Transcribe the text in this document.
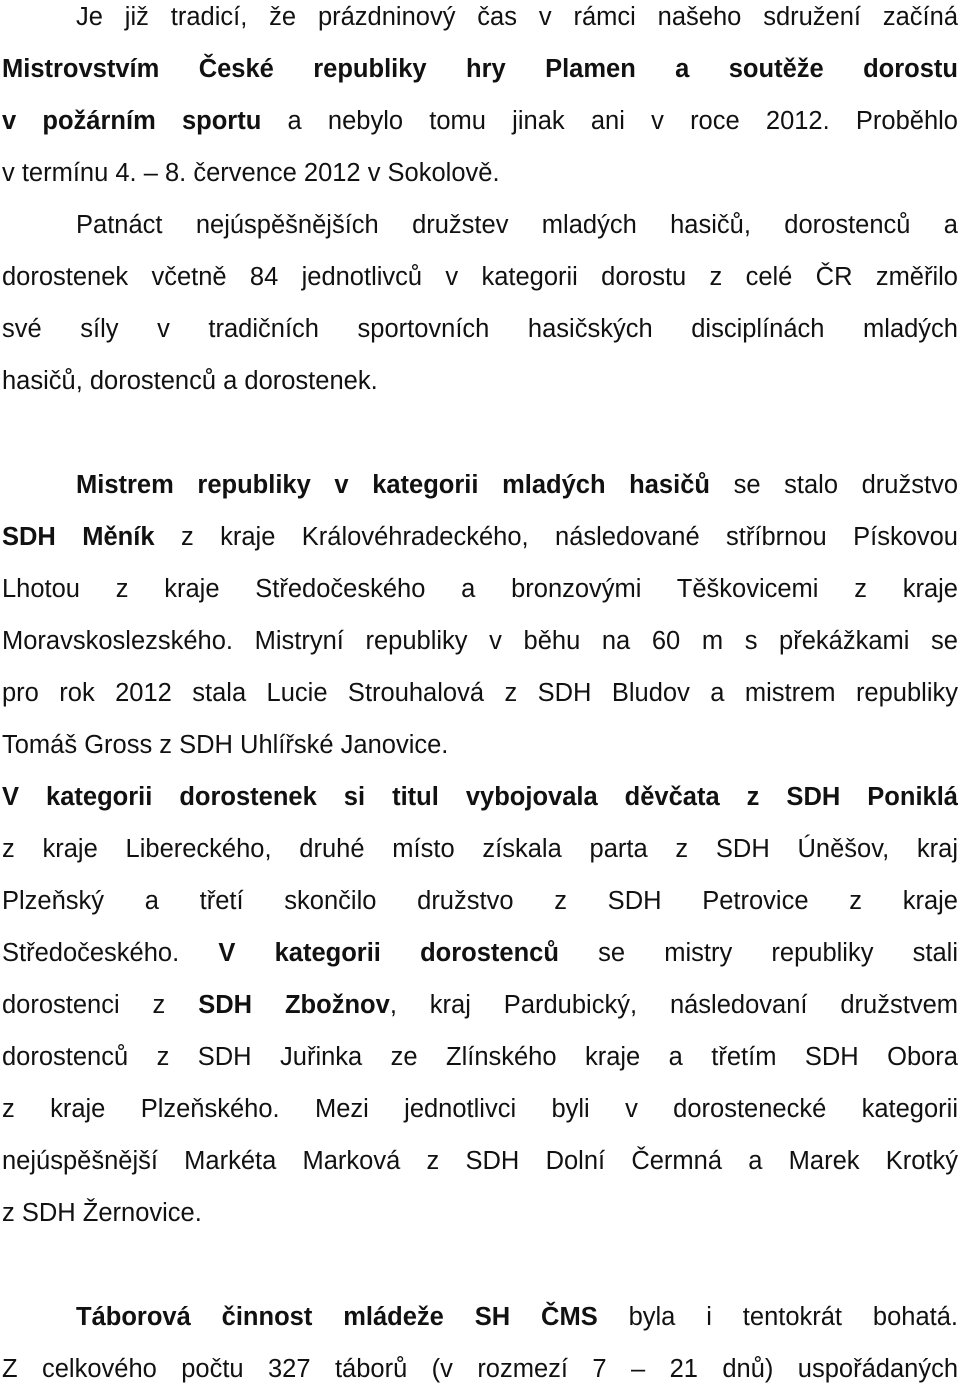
Je již tradicí, že prázdninový čas v rámci našeho sdružení začíná
Mistrovstvím České republiky hry Plamen a soutěže dorostu
v požárním sportu a nebylo tomu jinak ani v roce 2012. Proběhlo
v termínu 4. – 8. července 2012 v Sokolově.
Patnáct nejúspěšnějších družstev mladých hasičů, dorostenců a
dorostenek včetně 84 jednotlivců v kategorii dorostu z celé ČR změřilo
své síly v tradičních sportovních hasičských disciplínách mladých
hasičů, dorostenců a dorostenek.
Mistrem republiky v kategorii mladých hasičů se stalo družstvo
SDH Měník z kraje Královéhradeckého, následované stříbrnou Pískovou
Lhotou z kraje Středočeského a bronzovými Těškovicemi z kraje
Moravskoslezského. Mistryní republiky v běhu na 60 m s překážkami se
pro rok 2012 stala Lucie Strouhalová z SDH Bludov a mistrem republiky
Tomáš Gross z SDH Uhlířské Janovice.
V kategorii dorostenek si titul vybojovala děvčata z SDH Poniklá
z kraje Libereckého, druhé místo získala parta z SDH Úněšov, kraj
Plzeňský a třetí skončilo družstvo z SDH Petrovice z kraje
Středočeského. V kategorii dorostenců se mistry republiky stali
dorostenci z SDH Zbožnov, kraj Pardubický, následovaní družstvem
dorostenců z SDH Juřinka ze Zlínského kraje a třetím SDH Obora
z kraje Plzeňského. Mezi jednotlivci byli v dorostenecké kategorii
nejúspěšnější Markéta Marková z SDH Dolní Čermná a Marek Krotký
z SDH Žernovice.
Táborová činnost mládeže SH ČMS byla i tentokrát bohatá.
Z celkového počtu 327 táborů (v rozmezí 7 – 21 dnů) uspořádaných
